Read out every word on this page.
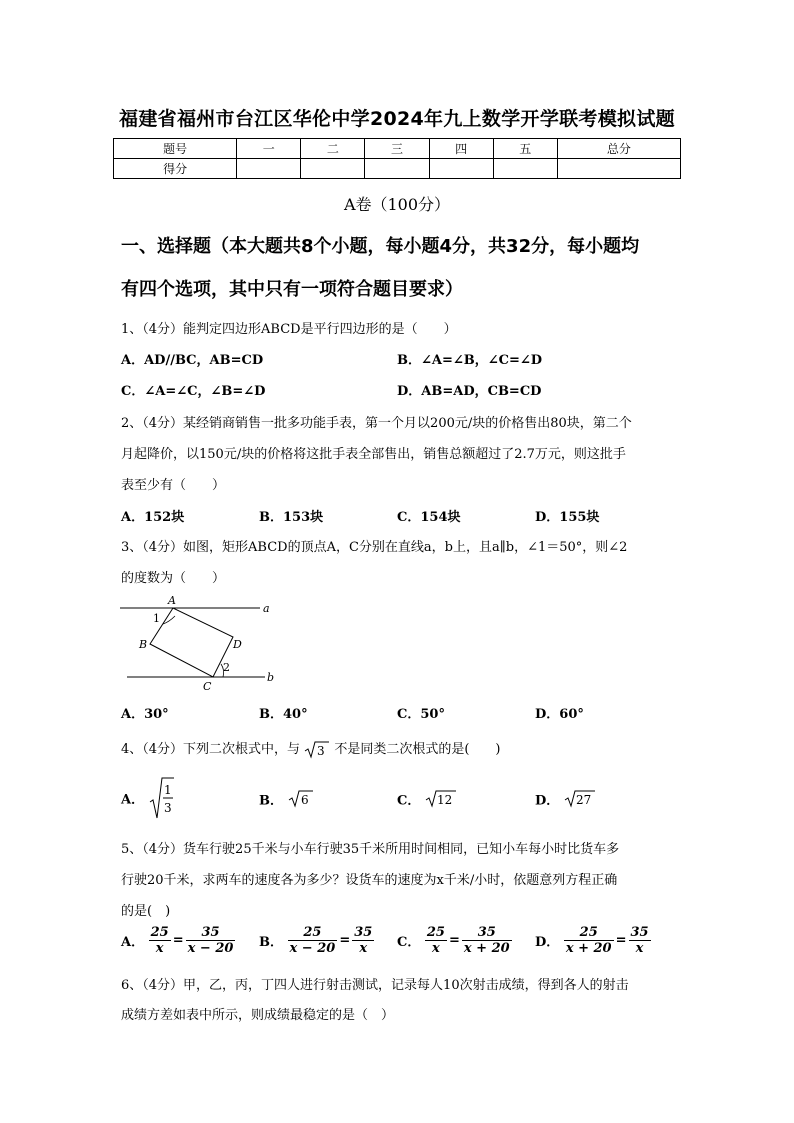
福建省福州市台江区华伦中学2024年九上数学开学联考模拟试题
题号	一	二	三	四	五	总分
得分						
A卷（100分）
一、选择题（本大题共8个小题，每小题4分，共32分，每小题均
有四个选项，其中只有一项符合题目要求）
1、（4分）能判定四边形ABCD是平行四边形的是（　　）
A．AD//BC，AB=CD	B．∠A=∠B，∠C=∠D
C．∠A=∠C，∠B=∠D	D．AB=AD，CB=CD
2、（4分）某经销商销售一批多功能手表，第一个月以200元/块的价格售出80块，第二个
月起降价，以150元/块的价格将这批手表全部售出，销售总额超过了2.7万元，则这批手
表至少有（　　）
A．152块	B．153块	C．154块	D．155块
3、（4分）如图，矩形ABCD的顶点A，C分别在直线a，b上，且a∥b，∠1＝50°，则∠2
的度数为（　　）
A
B
C
D
a
b
1
2
A．30°	B．40°	C．50°	D．60°
4、（4分）下列二次根式中，与 3 不是同类二次根式的是(　　)
A．
1
3	B． 6	C． 12	D． 27
5、（4分）货车行驶25千米与小车行驶35千米所用时间相同，已知小车每小时比货车多
行驶20千米，求两车的速度各为多少？设货车的速度为x千米/小时，依题意列方程正确
的是(　)
A． $\frac{25}{x} = \frac{35}{x - 20}$ B． $\frac{25}{x - 20} = \frac{35}{x}$ C． $\frac{25}{x} = \frac{35}{x + 20}$ D． $\frac{25}{x + 20} = \frac{35}{x}$
6、（4分）甲，乙，丙，丁四人进行射击测试，记录每人10次射击成绩，得到各人的射击
成绩方差如表中所示，则成绩最稳定的是（　）
